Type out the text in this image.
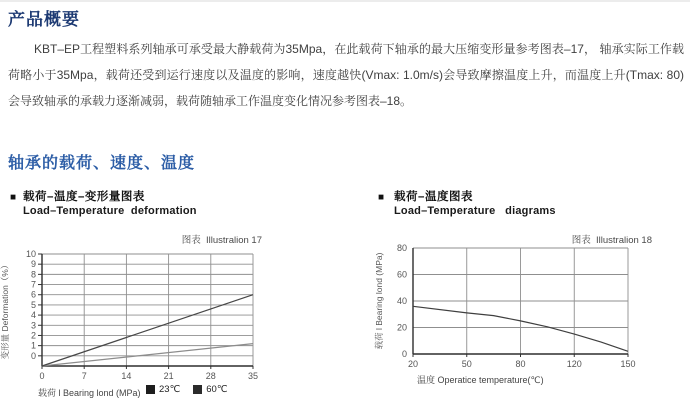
产品概要
KBT–EP工程塑料系列轴承可承受最大静载荷为35Mpa，在此载荷下轴承的最大压缩变形量参考图表–17， 轴承实际工作载荷略小于35Mpa，载荷还受到运行速度以及温度的影响，速度越快(Vmax: 1.0m/s)会导致摩擦温度上升，而温度上升(Tmax: 80)会导致轴承的承载力逐渐减弱，载荷随轴承工作温度变化情况参考图表–18。
轴承的载荷、速度、温度
■ 载荷–温度–变形量图表
Load–Temperature  deformation
图表  Illustralion 17
0
1
2
3
4
5
6
7
8
9
10
0	7	14	21	28	35
变形量 Deformation（%）
载荷 l Bearing lond (MPa) 23℃	60℃
■ 载荷–温度图表
Load–Temperature   diagrams
图表  Illustralion 18
0
20
40
60
80
20	50	80	120	150
载荷 l Bearing lond (MPa)
温度 Operatice temperature(℃)
